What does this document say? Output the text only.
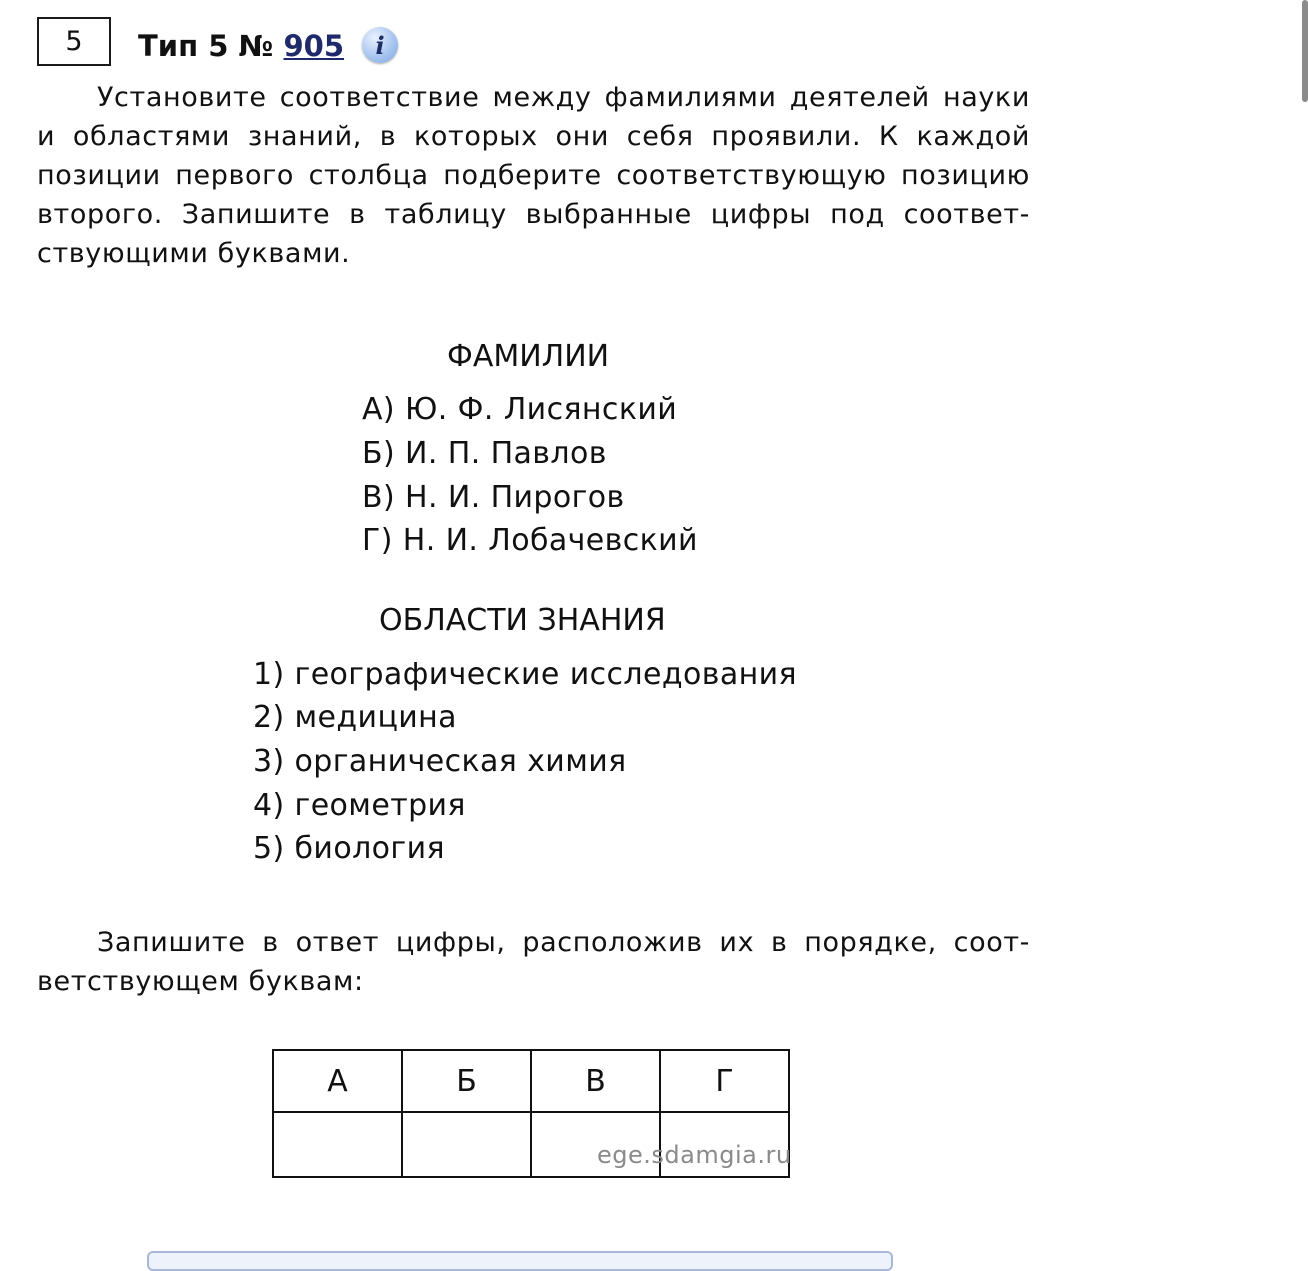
5 Тип 5 № 905 i
Установите соответствие между фамилиями деятелей науки
и областями знаний, в которых они себя проявили. К каждой
позиции первого столбца подберите соответствующую позицию
второго. Запишите в таблицу выбранные цифры под соответ-
ствующими буквами.
ФАМИЛИИ
А) Ю. Ф. Лисянский
Б) И. П. Павлов
В) Н. И. Пирогов
Г) Н. И. Лобачевский
ОБЛАСТИ ЗНАНИЯ
1) географические исследования
2) медицина
3) органическая химия
4) геометрия
5) биология
Запишите в ответ цифры, расположив их в порядке, соот-
ветствующем буквам:
А	Б	В	Г

ege.sdamgia.ru
